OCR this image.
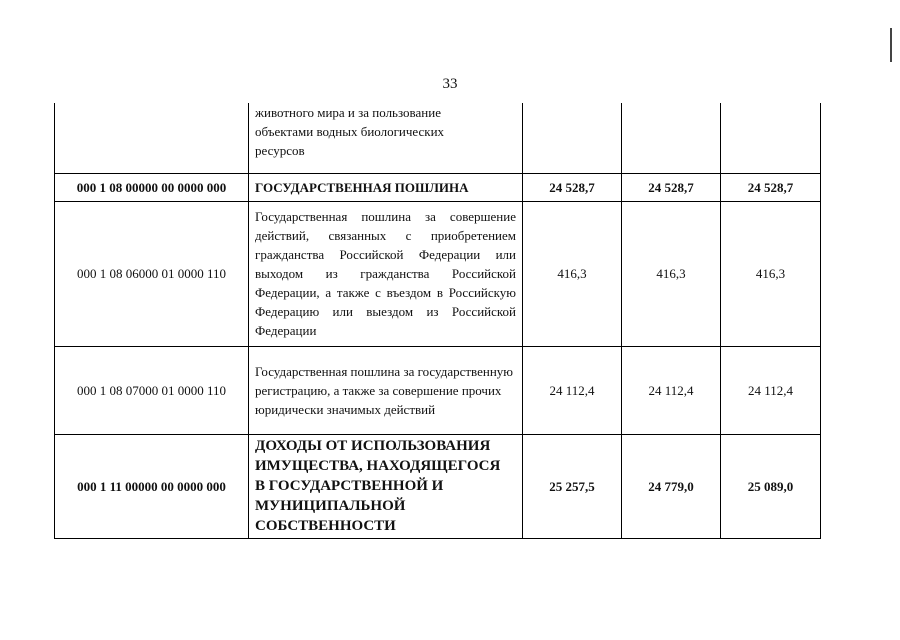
33

	животного мира и за пользование объектами водных биологических ресурсов			

000 1 08 00000 00 0000 000	ГОСУДАРСТВЕННАЯ ПОШЛИНА	24 528,7	24 528,7	24 528,7
000 1 08 06000 01 0000 110	Государственная пошлина за совершение действий, связанных с приобретением гражданства Российской Федерации или выходом из гражданства Российской Федерации, а также с въездом в Российскую Федерацию или выездом из Российской Федерации	416,3	416,3	416,3
000 1 08 07000 01 0000 110	Государственная пошлина за государственную регистрацию, а также за совершение прочих юридически значимых действий	24 112,4	24 112,4	24 112,4
000 1 11 00000 00 0000 000	ДОХОДЫ ОТ ИСПОЛЬЗОВАНИЯ ИМУЩЕСТВА, НАХОДЯЩЕГОСЯ В ГОСУДАРСТВЕННОЙ И МУНИЦИПАЛЬНОЙ СОБСТВЕННОСТИ	25 257,5	24 779,0	25 089,0
